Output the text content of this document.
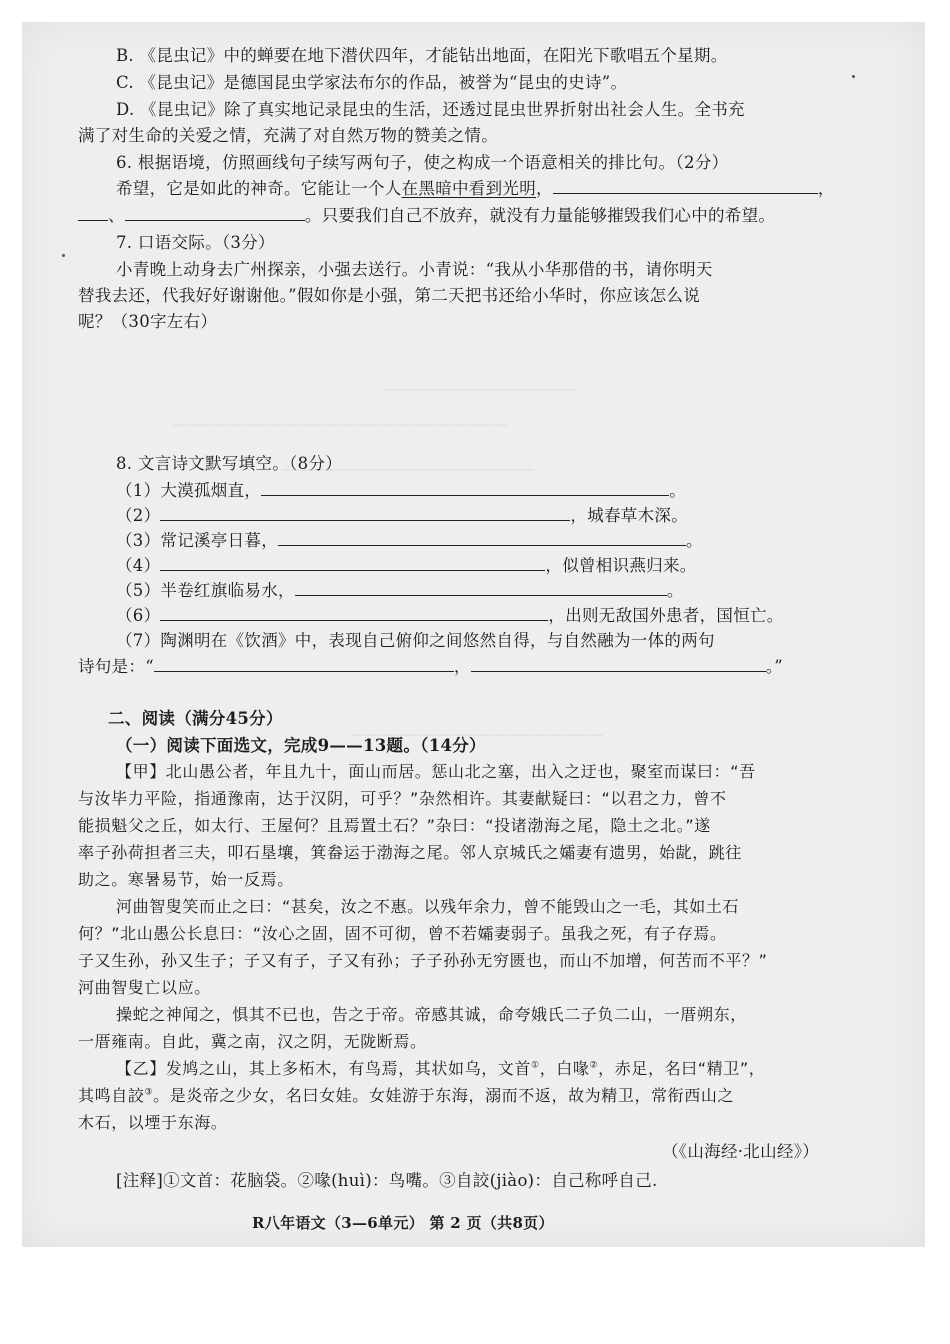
——————————————
————————————————————————
——————————————————
——————————————————
B. 《昆虫记》中的蝉要在地下潜伏四年，才能钻出地面，在阳光下歌唱五个星期。
C. 《昆虫记》是德国昆虫学家法布尔的作品，被誉为“昆虫的史诗”。
D. 《昆虫记》除了真实地记录昆虫的生活，还透过昆虫世界折射出社会人生。全书充
满了对生命的关爱之情，充满了对自然万物的赞美之情。
6. 根据语境，仿照画线句子续写两句子，使之构成一个语意相关的排比句。（2分）
希望，它是如此的神奇。它能让一个人在黑暗中看到光明，	，
、	。只要我们自己不放弃，就没有力量能够摧毁我们心中的希望。
7. 口语交际。（3分）
小青晚上动身去广州探亲，小强去送行。小青说：“我从小华那借的书，请你明天
替我去还，代我好好谢谢他。”假如你是小强，第二天把书还给小华时，你应该怎么说
呢？（30字左右）
8. 文言诗文默写填空。（8分）
（1）大漠孤烟直，	。
（2）	，城春草木深。
（3）常记溪亭日暮，	。
（4）	，似曾相识燕归来。
（5）半卷红旗临易水，	。
（6）	，出则无敌国外患者，国恒亡。
（7）陶渊明在《饮酒》中，表现自己俯仰之间悠然自得，与自然融为一体的两句
诗句是：“	，	。”
二、阅读（满分45分）
（一）阅读下面选文，完成9——13题。（14分）
【甲】北山愚公者，年且九十，面山而居。惩山北之塞，出入之迂也，聚室而谋曰：“吾
与汝毕力平险，指通豫南，达于汉阴，可乎？”杂然相许。其妻献疑曰：“以君之力，曾不
能损魁父之丘，如太行、王屋何？且焉置土石？”杂曰：“投诸渤海之尾，隐土之北。”遂
率子孙荷担者三夫，叩石垦壤，箕畚运于渤海之尾。邻人京城氏之孀妻有遗男，始龀，跳往
助之。寒暑易节，始一反焉。
河曲智叟笑而止之曰：“甚矣，汝之不惠。以残年余力，曾不能毁山之一毛，其如土石
何？”北山愚公长息曰：“汝心之固，固不可彻，曾不若孀妻弱子。虽我之死，有子存焉。
子又生孙，孙又生子；子又有子，子又有孙；子子孙孙无穷匮也，而山不加增，何苦而不平？”
河曲智叟亡以应。
操蛇之神闻之，惧其不已也，告之于帝。帝感其诚，命夸娥氏二子负二山，一厝朔东，
一厝雍南。自此，冀之南，汉之阴，无陇断焉。
【乙】发鸠之山，其上多柘木，有鸟焉，其状如乌，文首①，白喙②，赤足，名曰“精卫”，
其鸣自詨③。是炎帝之少女，名曰女娃。女娃游于东海，溺而不返，故为精卫，常衔西山之
木石，以堙于东海。
（《山海经·北山经》）
[注释]①文首：花脑袋。②喙(huì)：鸟嘴。③自詨(jiào)：自己称呼自己.
R八年语文（3—6单元） 第 2 页（共8页）
